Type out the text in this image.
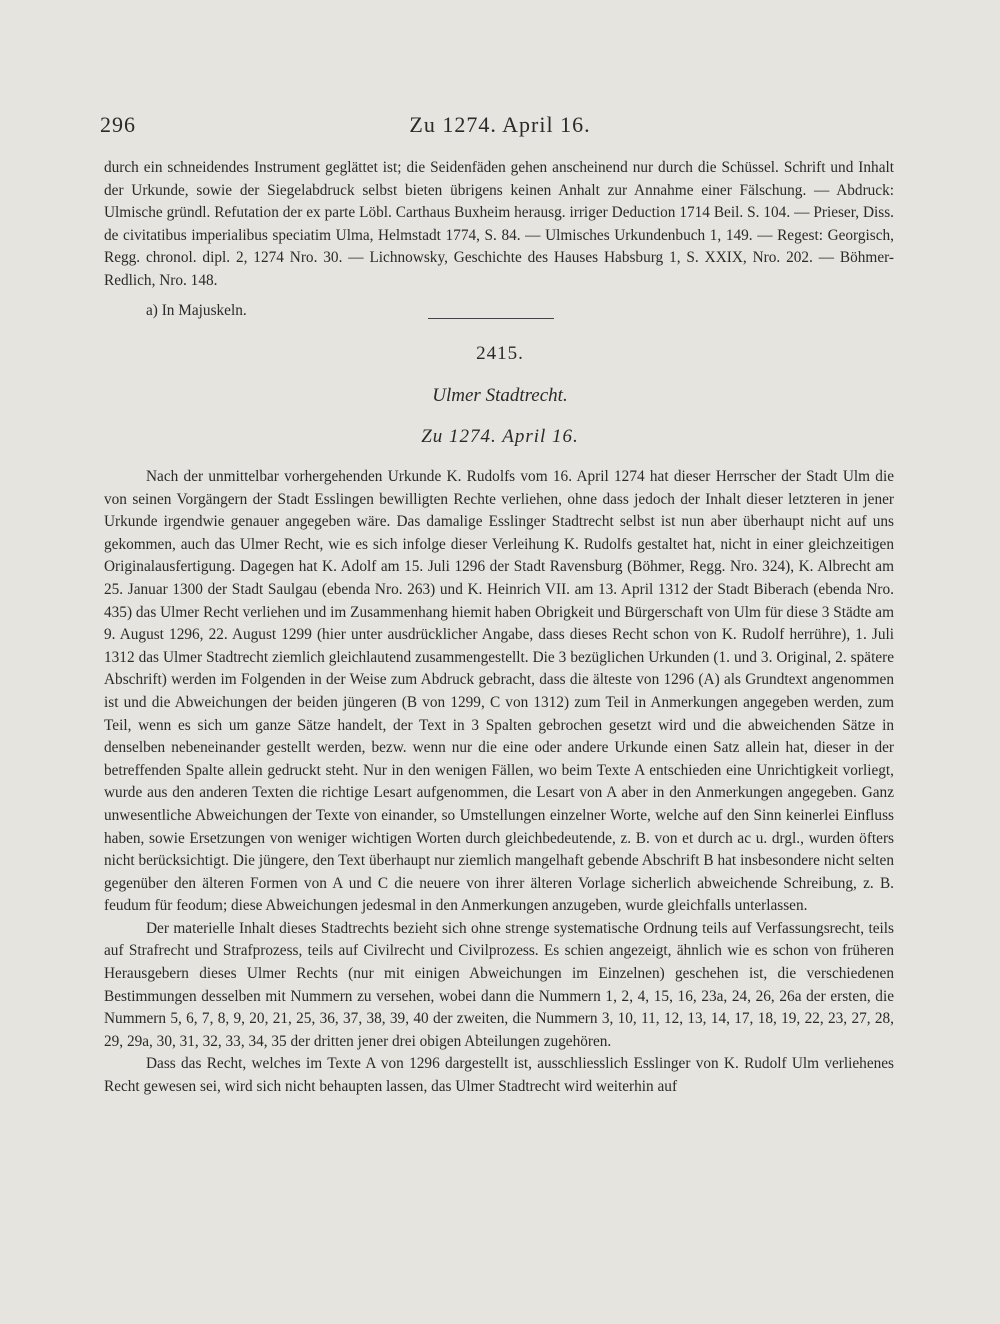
296	Zu 1274. April 16.

durch ein schneidendes Instrument geglättet ist; die Seidenfäden gehen anscheinend nur durch die Schüssel. Schrift und Inhalt der Urkunde, sowie der Siegelabdruck selbst bieten übrigens keinen Anhalt zur Annahme einer Fälschung. — Abdruck: Ulmische gründl. Refutation der ex parte Löbl. Carthaus Buxheim herausg. irriger Deduction 1714 Beil. S. 104. — Prieser, Diss. de civitatibus imperialibus speciatim Ulma, Helmstadt 1774, S. 84. — Ulmisches Urkundenbuch 1, 149. — Regest: Georgisch, Regg. chronol. dipl. 2, 1274 Nro. 30. — Lichnowsky, Geschichte des Hauses Habsburg 1, S. XXIX, Nro. 202. — Böhmer-Redlich, Nro. 148.

a) In Majuskeln.
2415.
Ulmer Stadtrecht.
Zu 1274. April 16.

Nach der unmittelbar vorhergehenden Urkunde K. Rudolfs vom 16. April 1274 hat dieser Herrscher der Stadt Ulm die von seinen Vorgängern der Stadt Esslingen bewilligten Rechte verliehen, ohne dass jedoch der Inhalt dieser letzteren in jener Urkunde irgendwie genauer angegeben wäre. Das damalige Esslinger Stadtrecht selbst ist nun aber überhaupt nicht auf uns gekommen, auch das Ulmer Recht, wie es sich infolge dieser Verleihung K. Rudolfs gestaltet hat, nicht in einer gleichzeitigen Originalausfertigung. Dagegen hat K. Adolf am 15. Juli 1296 der Stadt Ravensburg (Böhmer, Regg. Nro. 324), K. Albrecht am 25. Januar 1300 der Stadt Saulgau (ebenda Nro. 263) und K. Heinrich VII. am 13. April 1312 der Stadt Biberach (ebenda Nro. 435) das Ulmer Recht verliehen und im Zusammenhang hiemit haben Obrigkeit und Bürgerschaft von Ulm für diese 3 Städte am 9. August 1296, 22. August 1299 (hier unter ausdrücklicher Angabe, dass dieses Recht schon von K. Rudolf herrühre), 1. Juli 1312 das Ulmer Stadtrecht ziemlich gleichlautend zusammengestellt. Die 3 bezüglichen Urkunden (1. und 3. Original, 2. spätere Abschrift) werden im Folgenden in der Weise zum Abdruck gebracht, dass die älteste von 1296 (A) als Grundtext angenommen ist und die Abweichungen der beiden jüngeren (B von 1299, C von 1312) zum Teil in Anmerkungen angegeben werden, zum Teil, wenn es sich um ganze Sätze handelt, der Text in 3 Spalten gebrochen gesetzt wird und die abweichenden Sätze in denselben nebeneinander gestellt werden, bezw. wenn nur die eine oder andere Urkunde einen Satz allein hat, dieser in der betreffenden Spalte allein gedruckt steht. Nur in den wenigen Fällen, wo beim Texte A entschieden eine Unrichtigkeit vorliegt, wurde aus den anderen Texten die richtige Lesart aufgenommen, die Lesart von A aber in den Anmerkungen angegeben. Ganz unwesentliche Abweichungen der Texte von einander, so Umstellungen einzelner Worte, welche auf den Sinn keinerlei Einfluss haben, sowie Ersetzungen von weniger wichtigen Worten durch gleichbedeutende, z. B. von et durch ac u. drgl., wurden öfters nicht berücksichtigt. Die jüngere, den Text überhaupt nur ziemlich mangelhaft gebende Abschrift B hat insbesondere nicht selten gegenüber den älteren Formen von A und C die neuere von ihrer älteren Vorlage sicherlich abweichende Schreibung, z. B. feudum für feodum; diese Abweichungen jedesmal in den Anmerkungen anzugeben, wurde gleichfalls unterlassen.

Der materielle Inhalt dieses Stadtrechts bezieht sich ohne strenge systematische Ordnung teils auf Verfassungsrecht, teils auf Strafrecht und Strafprozess, teils auf Civilrecht und Civilprozess. Es schien angezeigt, ähnlich wie es schon von früheren Herausgebern dieses Ulmer Rechts (nur mit einigen Abweichungen im Einzelnen) geschehen ist, die verschiedenen Bestimmungen desselben mit Nummern zu versehen, wobei dann die Nummern 1, 2, 4, 15, 16, 23a, 24, 26, 26a der ersten, die Nummern 5, 6, 7, 8, 9, 20, 21, 25, 36, 37, 38, 39, 40 der zweiten, die Nummern 3, 10, 11, 12, 13, 14, 17, 18, 19, 22, 23, 27, 28, 29, 29a, 30, 31, 32, 33, 34, 35 der dritten jener drei obigen Abteilungen zugehören.

Dass das Recht, welches im Texte A von 1296 dargestellt ist, ausschliesslich Esslinger von K. Rudolf Ulm verliehenes Recht gewesen sei, wird sich nicht behaupten lassen, das Ulmer Stadtrecht wird weiterhin auf
